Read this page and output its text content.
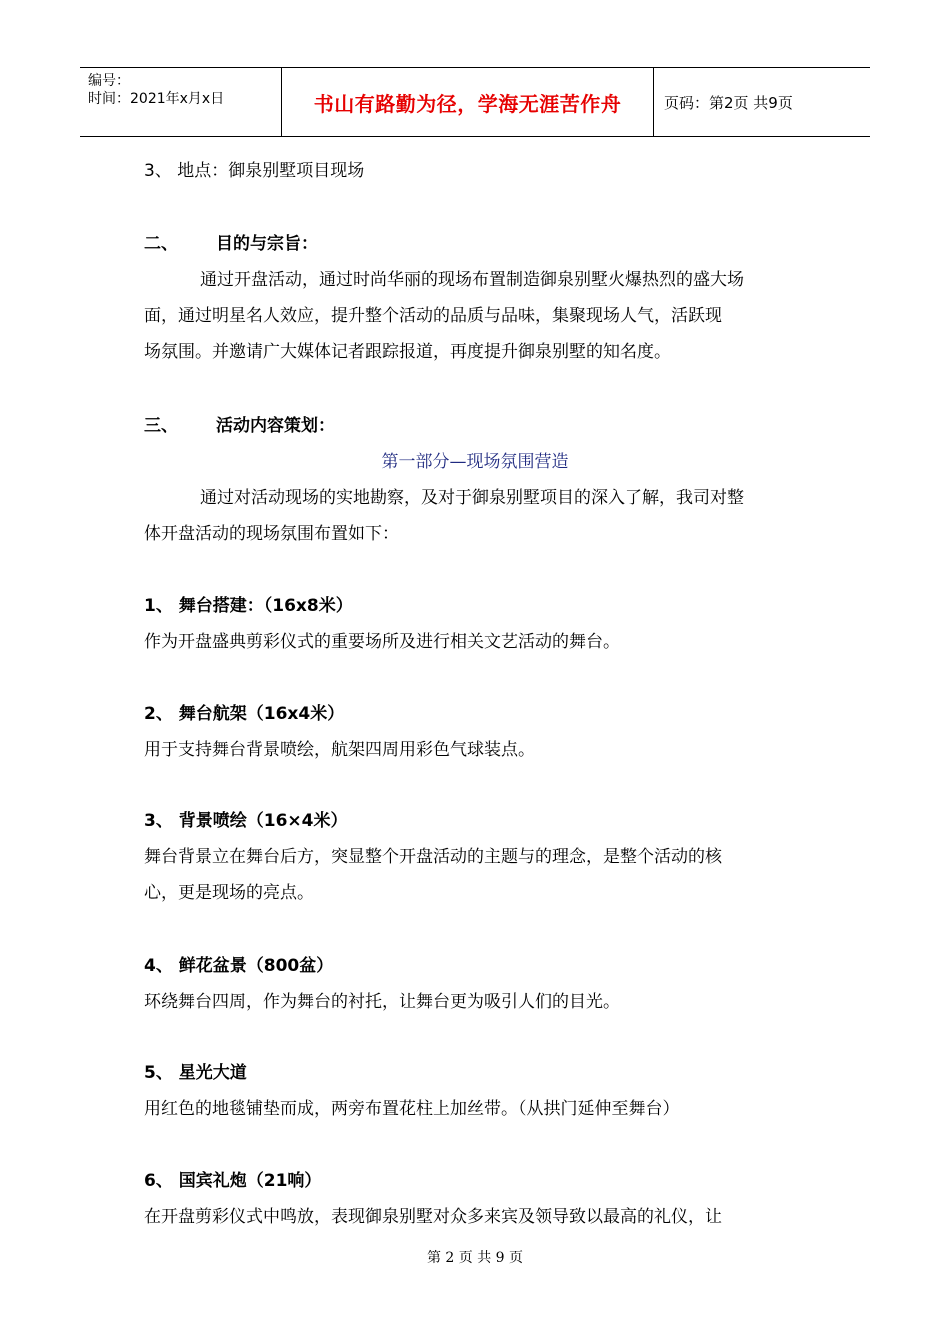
编号：
时间：2021年x月x日	书山有路勤为径，学海无涯苦作舟	页码：第2页 共9页
3、 地点：御泉别墅项目现场
二、 目的与宗旨：
通过开盘活动，通过时尚华丽的现场布置制造御泉别墅火爆热烈的盛大场
面，通过明星名人效应，提升整个活动的品质与品味，集聚现场人气，活跃现
场氛围。并邀请广大媒体记者跟踪报道，再度提升御泉别墅的知名度。
三、 活动内容策划：
第一部分—现场氛围营造
通过对活动现场的实地勘察，及对于御泉别墅项目的深入了解，我司对整
体开盘活动的现场氛围布置如下：
1、 舞台搭建：（16x8米）
作为开盘盛典剪彩仪式的重要场所及进行相关文艺活动的舞台。
2、 舞台航架（16x4米）
用于支持舞台背景喷绘，航架四周用彩色气球装点。
3、 背景喷绘（16×4米）
舞台背景立在舞台后方，突显整个开盘活动的主题与的理念，是整个活动的核
心，更是现场的亮点。
4、 鲜花盆景（800盆）
环绕舞台四周，作为舞台的衬托，让舞台更为吸引人们的目光。
5、 星光大道
用红色的地毯铺垫而成，两旁布置花柱上加丝带。（从拱门延伸至舞台）
6、 国宾礼炮（21响）
在开盘剪彩仪式中鸣放，表现御泉别墅对众多来宾及领导致以最高的礼仪，让
第 2 页 共 9 页
